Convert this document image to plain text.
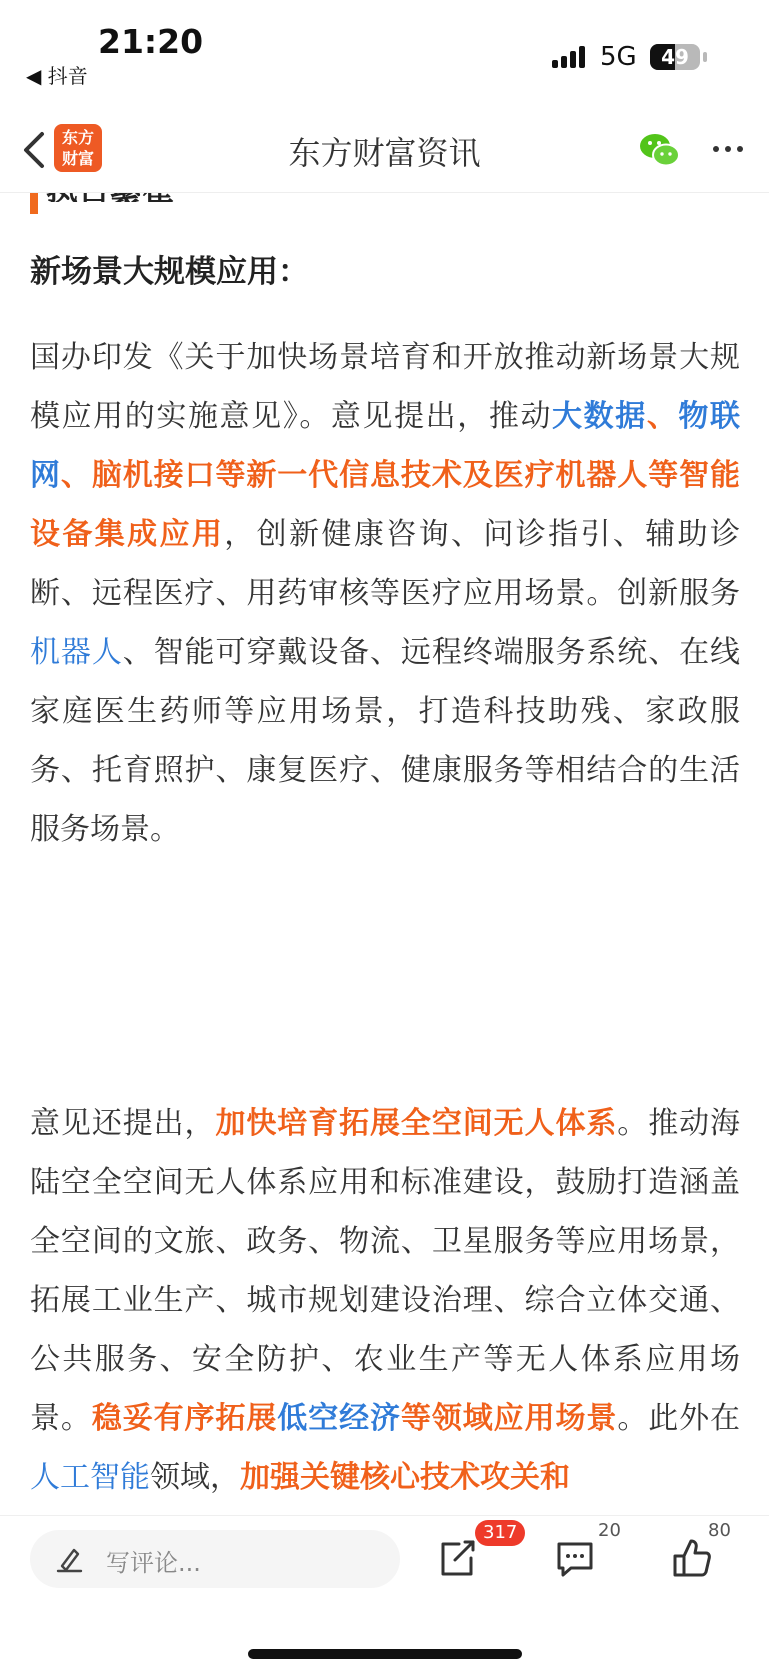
21:20
◀ 抖音
5G	49
新场景大规模应用：
国办印发《关于加快场景培育和开放推动新场景大规模应用的实施意见》。意见提出，推动大数据、物联网、脑机接口等新一代信息技术及医疗机器人等智能设备集成应用，创新健康咨询、问诊指引、辅助诊断、远程医疗、用药审核等医疗应用场景。创新服务机器人、智能可穿戴设备、远程终端服务系统、在线家庭医生药师等应用场景，打造科技助残、家政服务、托育照护、康复医疗、健康服务等相结合的生活服务场景。
意见还提出，加快培育拓展全空间无人体系。推动海陆空全空间无人体系应用和标准建设，鼓励打造涵盖全空间的文旅、政务、物流、卫星服务等应用场景，拓展工业生产、城市规划建设治理、综合立体交通、公共服务、安全防护、农业生产等无人体系应用场景。稳妥有序拓展低空经济等领域应用场景。此外在人工智能领域，加强关键核心技术攻关和
东方
财富	东方财富资讯
写评论...
317	20	80
